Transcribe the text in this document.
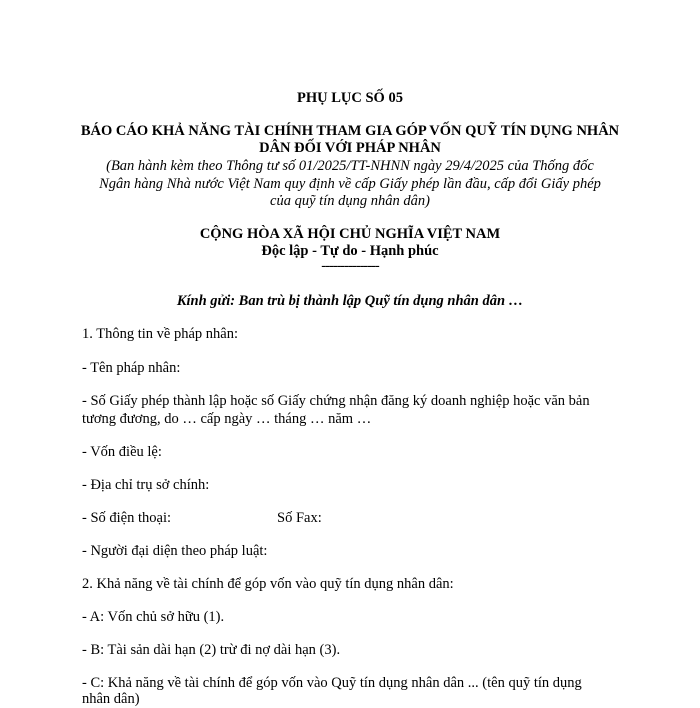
PHỤ LỤC SỐ 05
BÁO CÁO KHẢ NĂNG TÀI CHÍNH THAM GIA GÓP VỐN QUỸ TÍN DỤNG NHÂN
DÂN ĐỐI VỚI PHÁP NHÂN
(Ban hành kèm theo Thông tư số 01/2025/TT-NHNN ngày 29/4/2025 của Thống đốc
Ngân hàng Nhà nước Việt Nam quy định về cấp Giấy phép lần đầu, cấp đổi Giấy phép
của quỹ tín dụng nhân dân)
CỘNG HÒA XÃ HỘI CHỦ NGHĨA VIỆT NAM
Độc lập - Tự do - Hạnh phúc
---------------
Kính gửi: Ban trù bị thành lập Quỹ tín dụng nhân dân …
1. Thông tin về pháp nhân:
- Tên pháp nhân:
- Số Giấy phép thành lập hoặc số Giấy chứng nhận đăng ký doanh nghiệp hoặc văn bản
tương đương, do … cấp ngày … tháng … năm …
- Vốn điều lệ:
- Địa chỉ trụ sở chính:
- Số điện thoại:	Số Fax:
- Người đại diện theo pháp luật:
2. Khả năng về tài chính để góp vốn vào quỹ tín dụng nhân dân:
- A: Vốn chủ sở hữu (1).
- B: Tài sản dài hạn (2) trừ đi nợ dài hạn (3).
- C: Khả năng về tài chính để góp vốn vào Quỹ tín dụng nhân dân ... (tên quỹ tín dụng
nhân dân)
